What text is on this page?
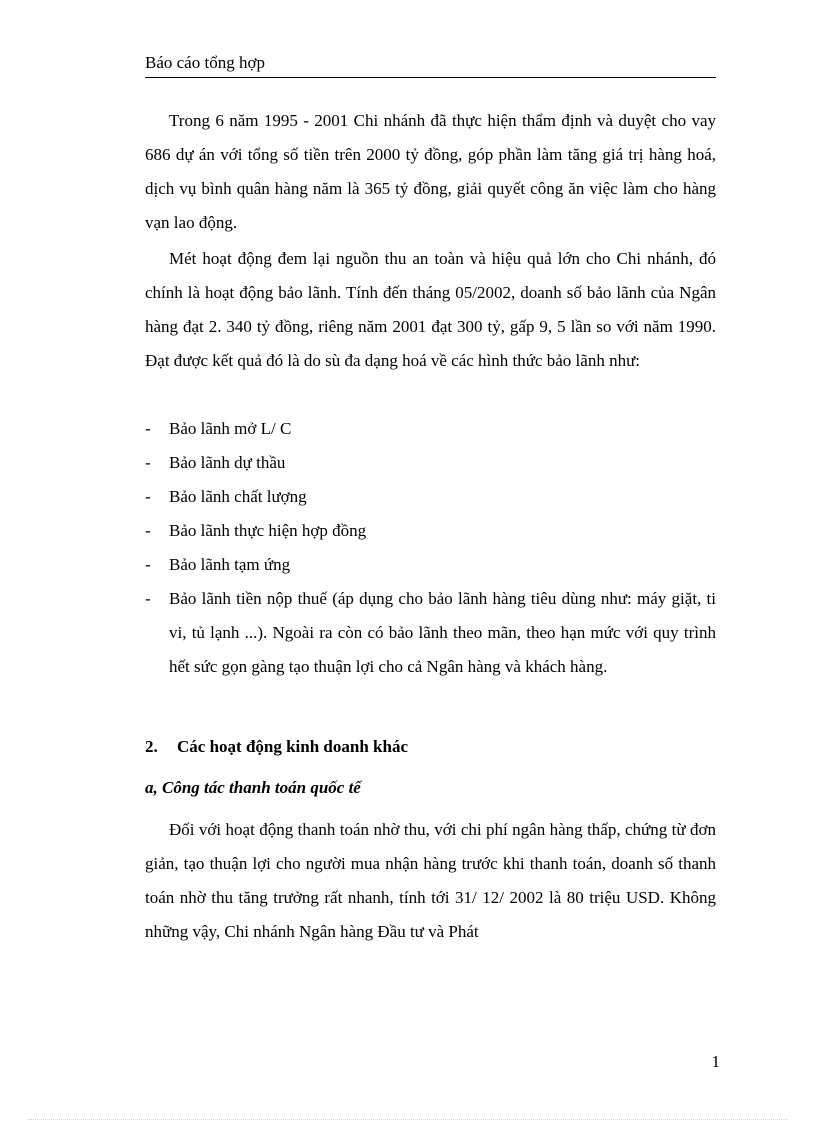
Báo cáo tổng hợp

Trong 6 năm 1995 - 2001 Chi nhánh đã thực hiện thẩm định và duyệt cho vay 686 dự án với tổng số tiền trên 2000 tỷ đồng, góp phần làm tăng giá trị hàng hoá, dịch vụ bình quân hàng năm là 365 tỷ đồng, giải quyết công ăn việc làm cho hàng vạn lao động.

Mét hoạt động đem lại nguồn thu an toàn và hiệu quả lớn cho Chi nhánh, đó chính là hoạt động bảo lãnh. Tính đến tháng 05/2002, doanh số bảo lãnh của Ngân hàng đạt 2. 340 tỷ đồng, riêng năm 2001 đạt 300 tỷ, gấp 9, 5 lần so với năm 1990. Đạt được kết quả đó là do sù đa dạng hoá về các hình thức bảo lãnh như:

- Bảo lãnh mở L/ C
- Bảo lãnh dự thầu
- Bảo lãnh chất lượng
- Bảo lãnh thực hiện hợp đồng
- Bảo lãnh tạm ứng
- Bảo lãnh tiền nộp thuế (áp dụng cho bảo lãnh hàng tiêu dùng như: máy giặt, ti vi, tủ lạnh ...). Ngoài ra còn có bảo lãnh theo mãn, theo hạn mức với quy trình hết sức gọn gàng tạo thuận lợi cho cả Ngân hàng và khách hàng.
2. Các hoạt động kinh doanh khác
a, Công tác thanh toán quốc tế

Đối với hoạt động thanh toán nhờ thu, với chi phí ngân hàng thấp, chứng từ đơn giản, tạo thuận lợi cho người mua nhận hàng trước khi thanh toán, doanh số thanh toán nhờ thu tăng trưởng rất nhanh, tính tới 31/ 12/ 2002 là 80 triệu USD. Không những vậy, Chi nhánh Ngân hàng Đầu tư và Phát

1
